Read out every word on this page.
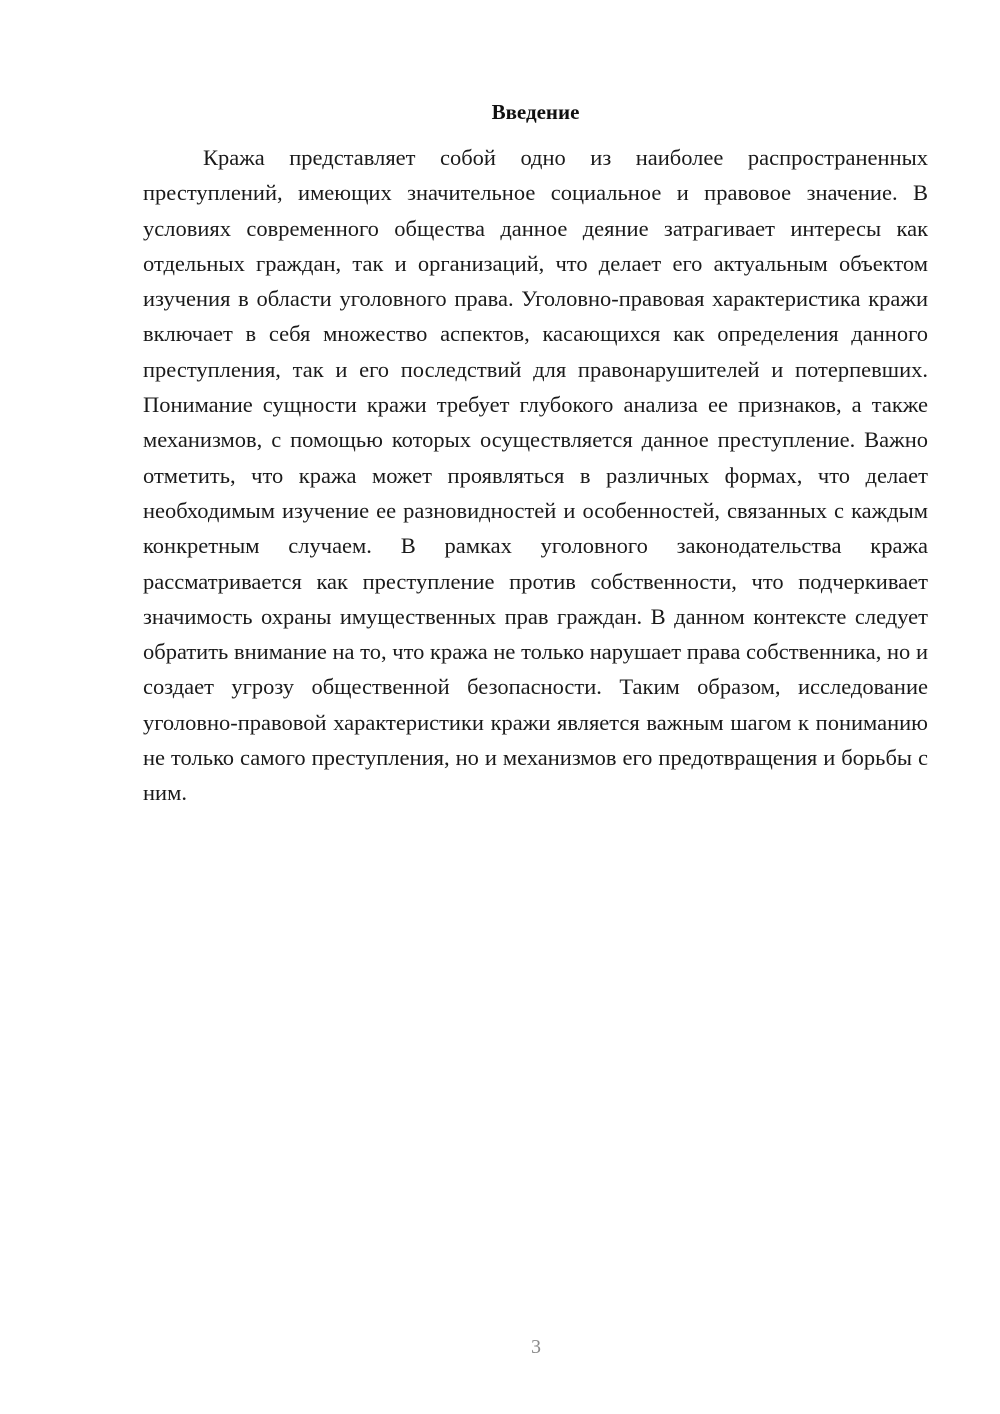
Введение

Кража представляет собой одно из наиболее распространенных преступлений, имеющих значительное социальное и правовое значение. В условиях современного общества данное деяние затрагивает интересы как отдельных граждан, так и организаций, что делает его актуальным объектом изучения в области уголовного права. Уголовно-правовая характеристика кражи включает в себя множество аспектов, касающихся как определения данного преступления, так и его последствий для правонарушителей и потерпевших. Понимание сущности кражи требует глубокого анализа ее признаков, а также механизмов, с помощью которых осуществляется данное преступление. Важно отметить, что кража может проявляться в различных формах, что делает необходимым изучение ее разновидностей и особенностей, связанных с каждым конкретным случаем. В рамках уголовного законодательства кража рассматривается как преступление против собственности, что подчеркивает значимость охраны имущественных прав граждан. В данном контексте следует обратить внимание на то, что кража не только нарушает права собственника, но и создает угрозу общественной безопасности. Таким образом, исследование уголовно-правовой характеристики кражи является важным шагом к пониманию не только самого преступления, но и механизмов его предотвращения и борьбы с ним.

3
